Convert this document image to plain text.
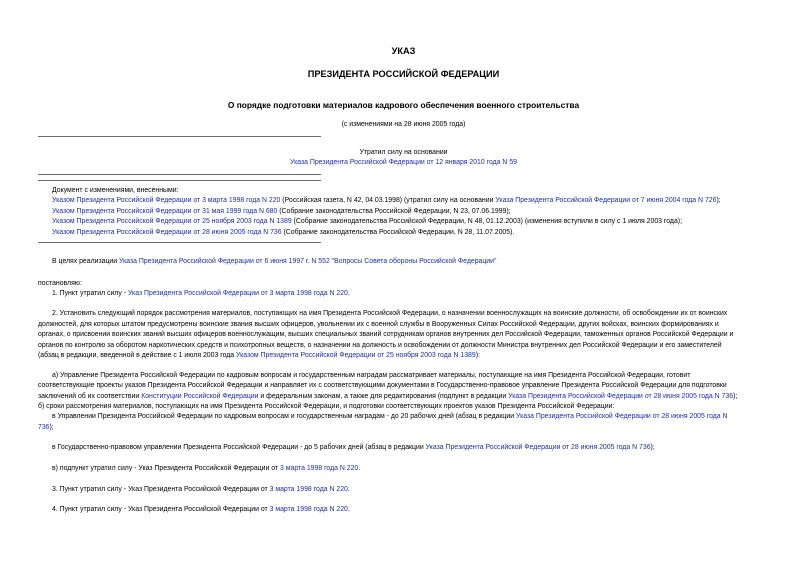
УКАЗ
ПРЕЗИДЕНТА РОССИЙСКОЙ ФЕДЕРАЦИИ
О порядке подготовки материалов кадрового обеспечения военного строительства
(с изменениями на 28 июня 2005 года)
Утратил силу на основании
Указа Президента Российской Федерации от 12 января 2010 года N 59
Документ с изменениями, внесенными:
Указом Президента Российской Федерации от 3 марта 1998 года N 220 (Российская газета, N 42, 04.03.1998) (утратил силу на основании Указа Президента Российской Федерации от 7 июня 2004 года N 726);
Указом Президента Российской Федерации от 31 мая 1999 года N 680 (Собрание законодательства Российской Федерации, N 23, 07.06.1999);
Указом Президента Российской Федерации от 25 ноября 2003 года N 1389 (Собрание законодательства Российской Федерации, N 48, 01.12.2003) (изменения вступили в силу с 1 июля 2003 года);
Указом Президента Российской Федерации от 28 июня 2005 года N 736 (Собрание законодательства Российской Федерации, N 28, 11.07.2005).
В целях реализации Указа Президента Российской Федерации от 6 июня 1997 г. N 552 "Вопросы Совета обороны Российской Федерации"
постановляю:
1. Пункт утратил силу - Указ Президента Российской Федерации от 3 марта 1998 года N 220.
2. Установить следующий порядок рассмотрения материалов, поступающих на имя Президента Российской Федерации, о назначении военнослужащих на воинские должности, об освобождении их от воинских
должностей, для которых штатом предусмотрены воинские звания высших офицеров, увольнении их с военной службы в Вооруженных Силах Российской Федерации, других войсках, воинских формированиях и
органах, о присвоении воинских званий высших офицеров военнослужащим, высших специальных званий сотрудникам органов внутренних дел Российской Федерации, таможенных органов Российской Федерации и
органов по контролю за оборотом наркотических средств и психотропных веществ, о назначении на должность и освобождении от должности Министра внутренних дел Российской Федерации и его заместителей
(абзац в редакции, введенной в действие с 1 июля 2003 года Указом Президента Российской Федерации от 25 ноября 2003 года N 1389):
а) Управление Президента Российской Федерации по кадровым вопросам и государственным наградам рассматривает материалы, поступающие на имя Президента Российской Федерации, готовит
соответствующие проекты указов Президента Российской Федерации и направляет их с соответствующими документами в Государственно-правовое управление Президента Российской Федерации для подготовки
заключений об их соответствии Конституции Российской Федерации и федеральным законам, а также для редактирования (подпункт в редакции Указа Президента Российской Федерации от 28 июня 2005 года N 736);
б) сроки рассмотрения материалов, поступающих на имя Президента Российской Федерации, и подготовки соответствующих проектов указов Президента Российской Федерации:
в Управлении Президента Российской Федерации по кадровым вопросам и государственным наградам - до 20 рабочих дней (абзац в редакции Указа Президента Российской Федерации от 28 июня 2005 года N
736);
в Государственно-правовом управлении Президента Российской Федерации - до 5 рабочих дней (абзац в редакции Указа Президента Российской Федерации от 28 июня 2005 года N 736);
в) подпункт утратил силу - Указ Президента Российской Федерации от 3 марта 1998 года N 220.
3. Пункт утратил силу - Указ Президента Российской Федерации от 3 марта 1998 года N 220.
4. Пункт утратил силу - Указ Президента Российской Федерации от 3 марта 1998 года N 220.
